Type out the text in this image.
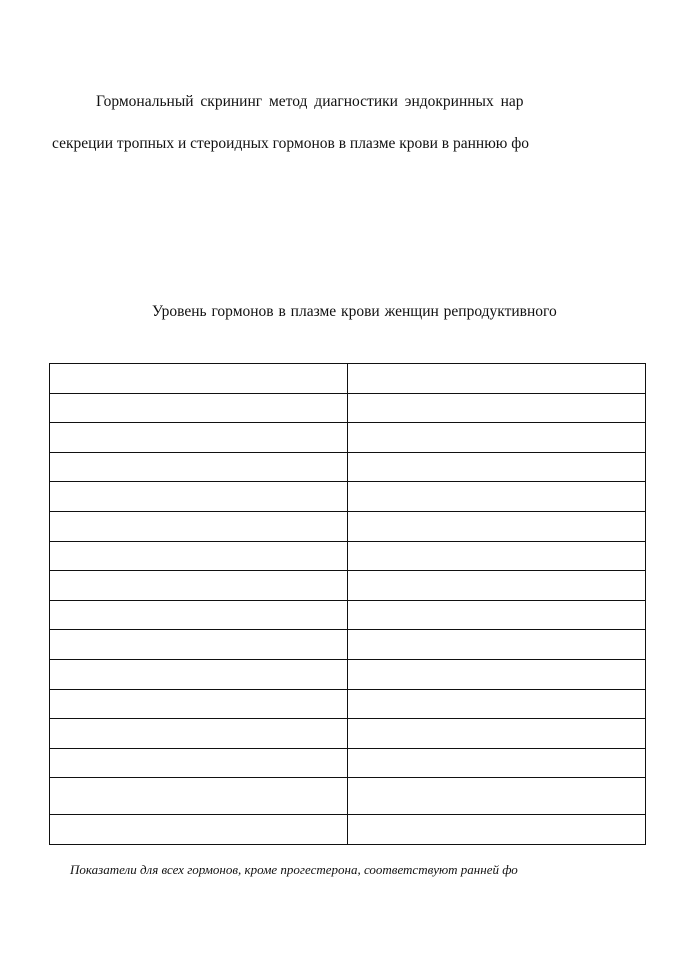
Гормональный скрининг метод диагностики эндокринных нар
секреции тропных и стероидных гормонов в плазме крови в раннюю фо
Уровень гормонов в плазме крови женщин репродуктивного

Показатели для всех гормонов, кроме прогестерона, соответствуют ранней фо
